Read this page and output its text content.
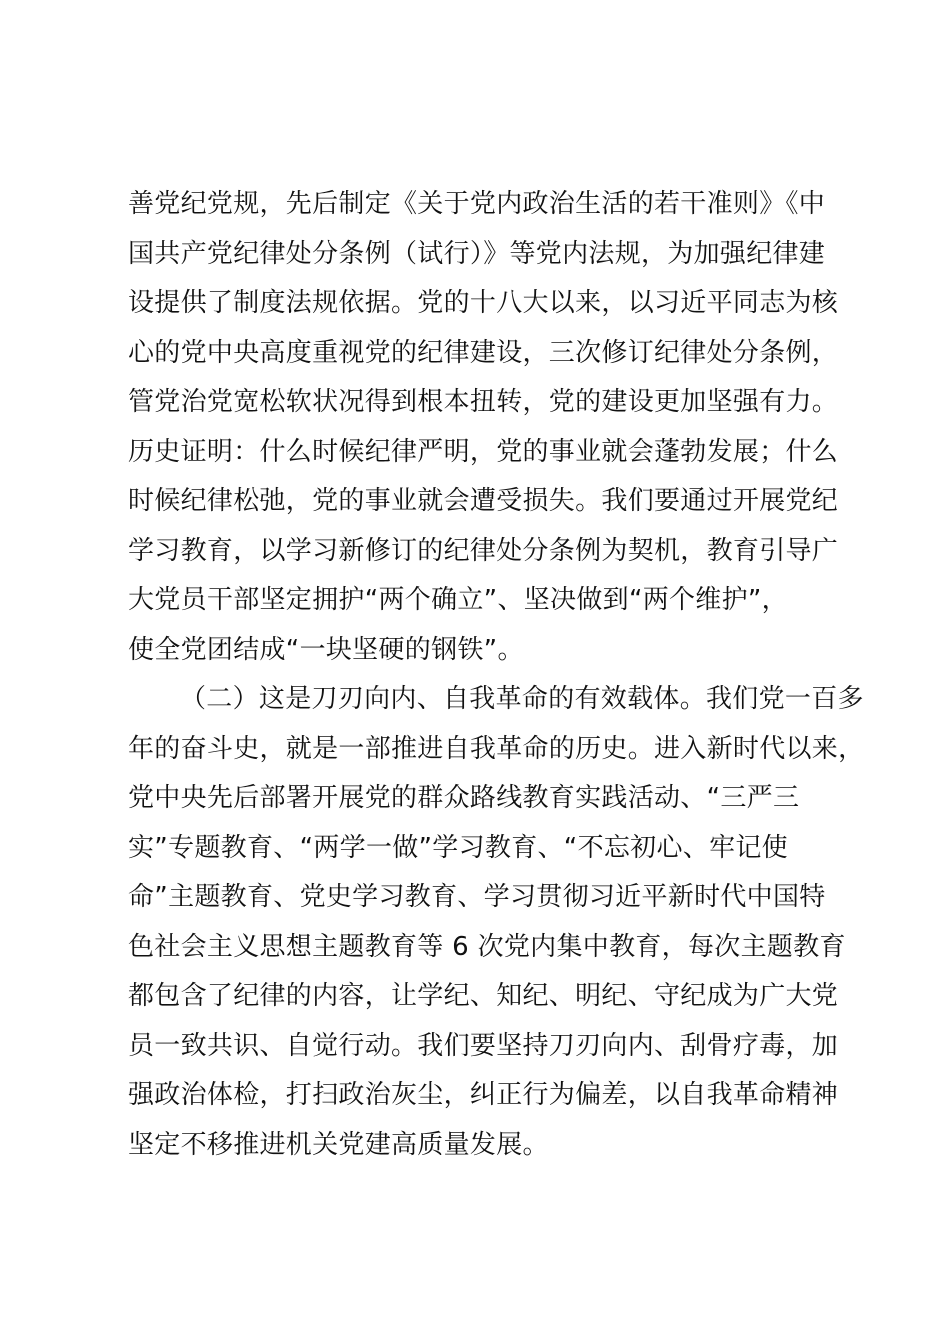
善党纪党规，先后制定《关于党内政治生活的若干准则》《中
国共产党纪律处分条例（试行）》等党内法规，为加强纪律建
设提供了制度法规依据。党的十八大以来，以习近平同志为核
心的党中央高度重视党的纪律建设，三次修订纪律处分条例，
管党治党宽松软状况得到根本扭转，党的建设更加坚强有力。
历史证明：什么时候纪律严明，党的事业就会蓬勃发展；什么
时候纪律松弛，党的事业就会遭受损失。我们要通过开展党纪
学习教育，以学习新修订的纪律处分条例为契机，教育引导广
大党员干部坚定拥护“两个确立”、坚决做到“两个维护”，
使全党团结成“一块坚硬的钢铁”。
（二）这是刀刃向内、自我革命的有效载体。我们党一百多
年的奋斗史，就是一部推进自我革命的历史。进入新时代以来，
党中央先后部署开展党的群众路线教育实践活动、“三严三
实”专题教育、“两学一做”学习教育、“不忘初心、牢记使
命”主题教育、党史学习教育、学习贯彻习近平新时代中国特
色社会主义思想主题教育等 6 次党内集中教育，每次主题教育
都包含了纪律的内容，让学纪、知纪、明纪、守纪成为广大党
员一致共识、自觉行动。我们要坚持刀刃向内、刮骨疗毒，加
强政治体检，打扫政治灰尘，纠正行为偏差，以自我革命精神
坚定不移推进机关党建高质量发展。
